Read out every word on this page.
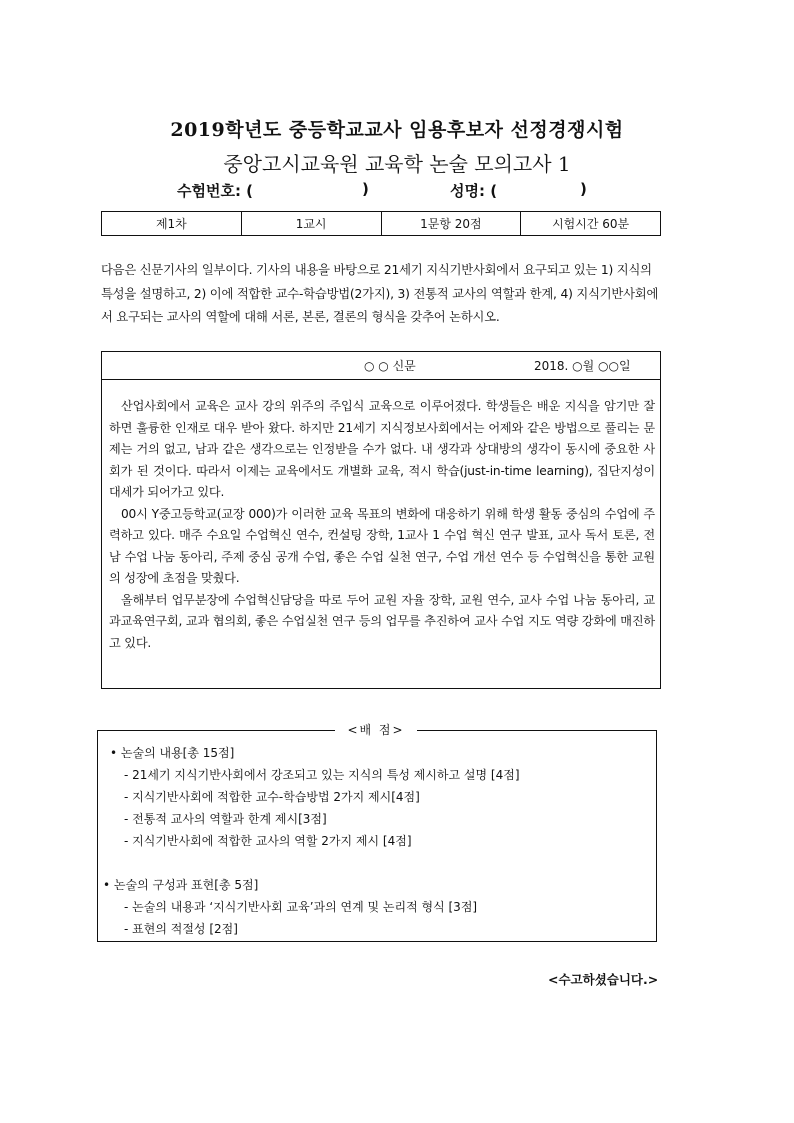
2019학년도 중등학교교사 임용후보자 선정경쟁시험
중앙고시교육원 교육학 논술 모의고사 1
수험번호: (	)	성명: (	)
제1차	1교시	1문항 20점	시험시간 60분
다음은 신문기사의 일부이다. 기사의 내용을 바탕으로 21세기 지식기반사회에서 요구되고 있는 1) 지식의 특성을 설명하고, 2) 이에 적합한 교수-학습방법(2가지), 3) 전통적 교사의 역할과 한계, 4) 지식기반사회에서 요구되는 교사의 역할에 대해 서론, 본론, 결론의 형식을 갖추어 논하시오.
○ ○ 신문	2018. ○월 ○○일

산업사회에서 교육은 교사 강의 위주의 주입식 교육으로 이루어졌다. 학생들은 배운 지식을 암기만 잘 하면 훌륭한 인재로 대우 받아 왔다. 하지만 21세기 지식정보사회에서는 어제와 같은 방법으로 풀리는 문제는 거의 없고, 남과 같은 생각으로는 인정받을 수가 없다. 내 생각과 상대방의 생각이 동시에 중요한 사회가 된 것이다. 따라서 이제는 교육에서도 개별화 교육, 적시 학습(just-in-time learning), 집단지성이 대세가 되어가고 있다.

00시 Y중고등학교(교장 000)가 이러한 교육 목표의 변화에 대응하기 위해 학생 활동 중심의 수업에 주력하고 있다. 매주 수요일 수업혁신 연수, 컨설팅 장학, 1교사 1 수업 혁신 연구 발표, 교사 독서 토론, 전남 수업 나눔 동아리, 주제 중심 공개 수업, 좋은 수업 실천 연구, 수업 개선 연수 등 수업혁신을 통한 교원의 성장에 초점을 맞췄다.

올해부터 업무분장에 수업혁신담당을 따로 두어 교원 자율 장학, 교원 연수, 교사 수업 나눔 동아리, 교과교육연구회, 교과 협의회, 좋은 수업실천 연구 등의 업무를 추진하여 교사 수업 지도 역량 강화에 매진하고 있다.

<배 점>
• 논술의 내용[총 15점]
- 21세기 지식기반사회에서 강조되고 있는 지식의 특성 제시하고 설명 [4점]
- 지식기반사회에 적합한 교수-학습방법 2가지 제시[4점]
- 전통적 교사의 역할과 한계 제시[3점]
- 지식기반사회에 적합한 교사의 역할 2가지 제시 [4점]
• 논술의 구성과 표현[총 5점]
- 논술의 내용과 ‘지식기반사회 교육’과의 연계 및 논리적 형식 [3점]
- 표현의 적절성 [2점]
<수고하셨습니다.>
